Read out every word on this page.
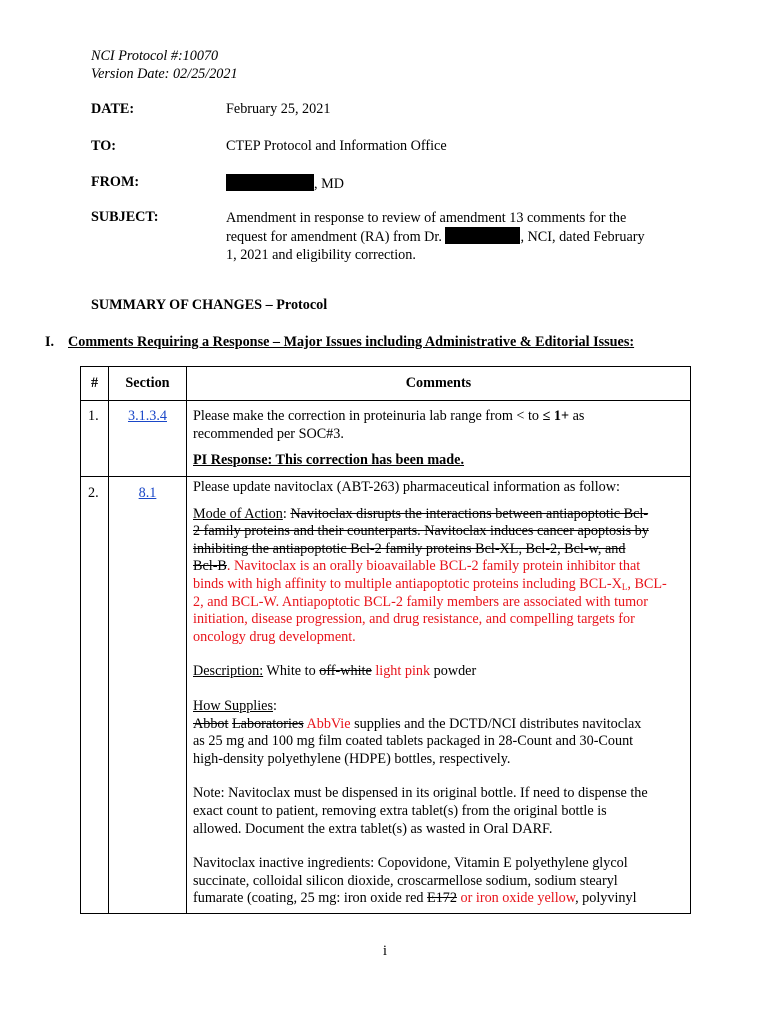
NCI Protocol #:10070
Version Date: 02/25/2021
DATE:	February 25, 2021
TO:	CTEP Protocol and Information Office
FROM:	, MD
SUBJECT:	Amendment in response to review of amendment 13 comments for the
request for amendment (RA) from Dr.	, NCI, dated February
1, 2021 and eligibility correction.
SUMMARY OF CHANGES – Protocol
I. Comments Requiring a Response – Major Issues including Administrative & Editorial Issues:
#	Section	Comments
1.	3.1.3.4	Please make the correction in proteinuria lab range from < to ≤ 1+ as
recommended per SOC#3.
PI Response: This correction has been made.
2.	8.1	Please update navitoclax (ABT-263) pharmaceutical information as follow:
Mode of Action: Navitoclax disrupts the interactions between antiapoptotic Bcl-
2 family proteins and their counterparts. Navitoclax induces cancer apoptosis by
inhibiting the antiapoptotic Bcl-2 family proteins Bcl-XL, Bcl-2, Bcl-w, and
Bcl-B. Navitoclax is an orally bioavailable BCL-2 family protein inhibitor that
binds with high affinity to multiple antiapoptotic proteins including BCL-$X_L$, BCL-
2, and BCL-W. Antiapoptotic BCL-2 family members are associated with tumor
initiation, disease progression, and drug resistance, and compelling targets for
oncology drug development.
Description: White to off-white light pink powder
How Supplies:
Abbot Laboratories AbbVie supplies and the DCTD/NCI distributes navitoclax
as 25 mg and 100 mg film coated tablets packaged in 28-Count and 30-Count
high-density polyethylene (HDPE) bottles, respectively.
Note: Navitoclax must be dispensed in its original bottle. If need to dispense the
exact count to patient, removing extra tablet(s) from the original bottle is
allowed. Document the extra tablet(s) as wasted in Oral DARF.
Navitoclax inactive ingredients: Copovidone, Vitamin E polyethylene glycol
succinate, colloidal silicon dioxide, croscarmellose sodium, sodium stearyl
fumarate (coating, 25 mg: iron oxide red E172 or iron oxide yellow, polyvinyl
i
